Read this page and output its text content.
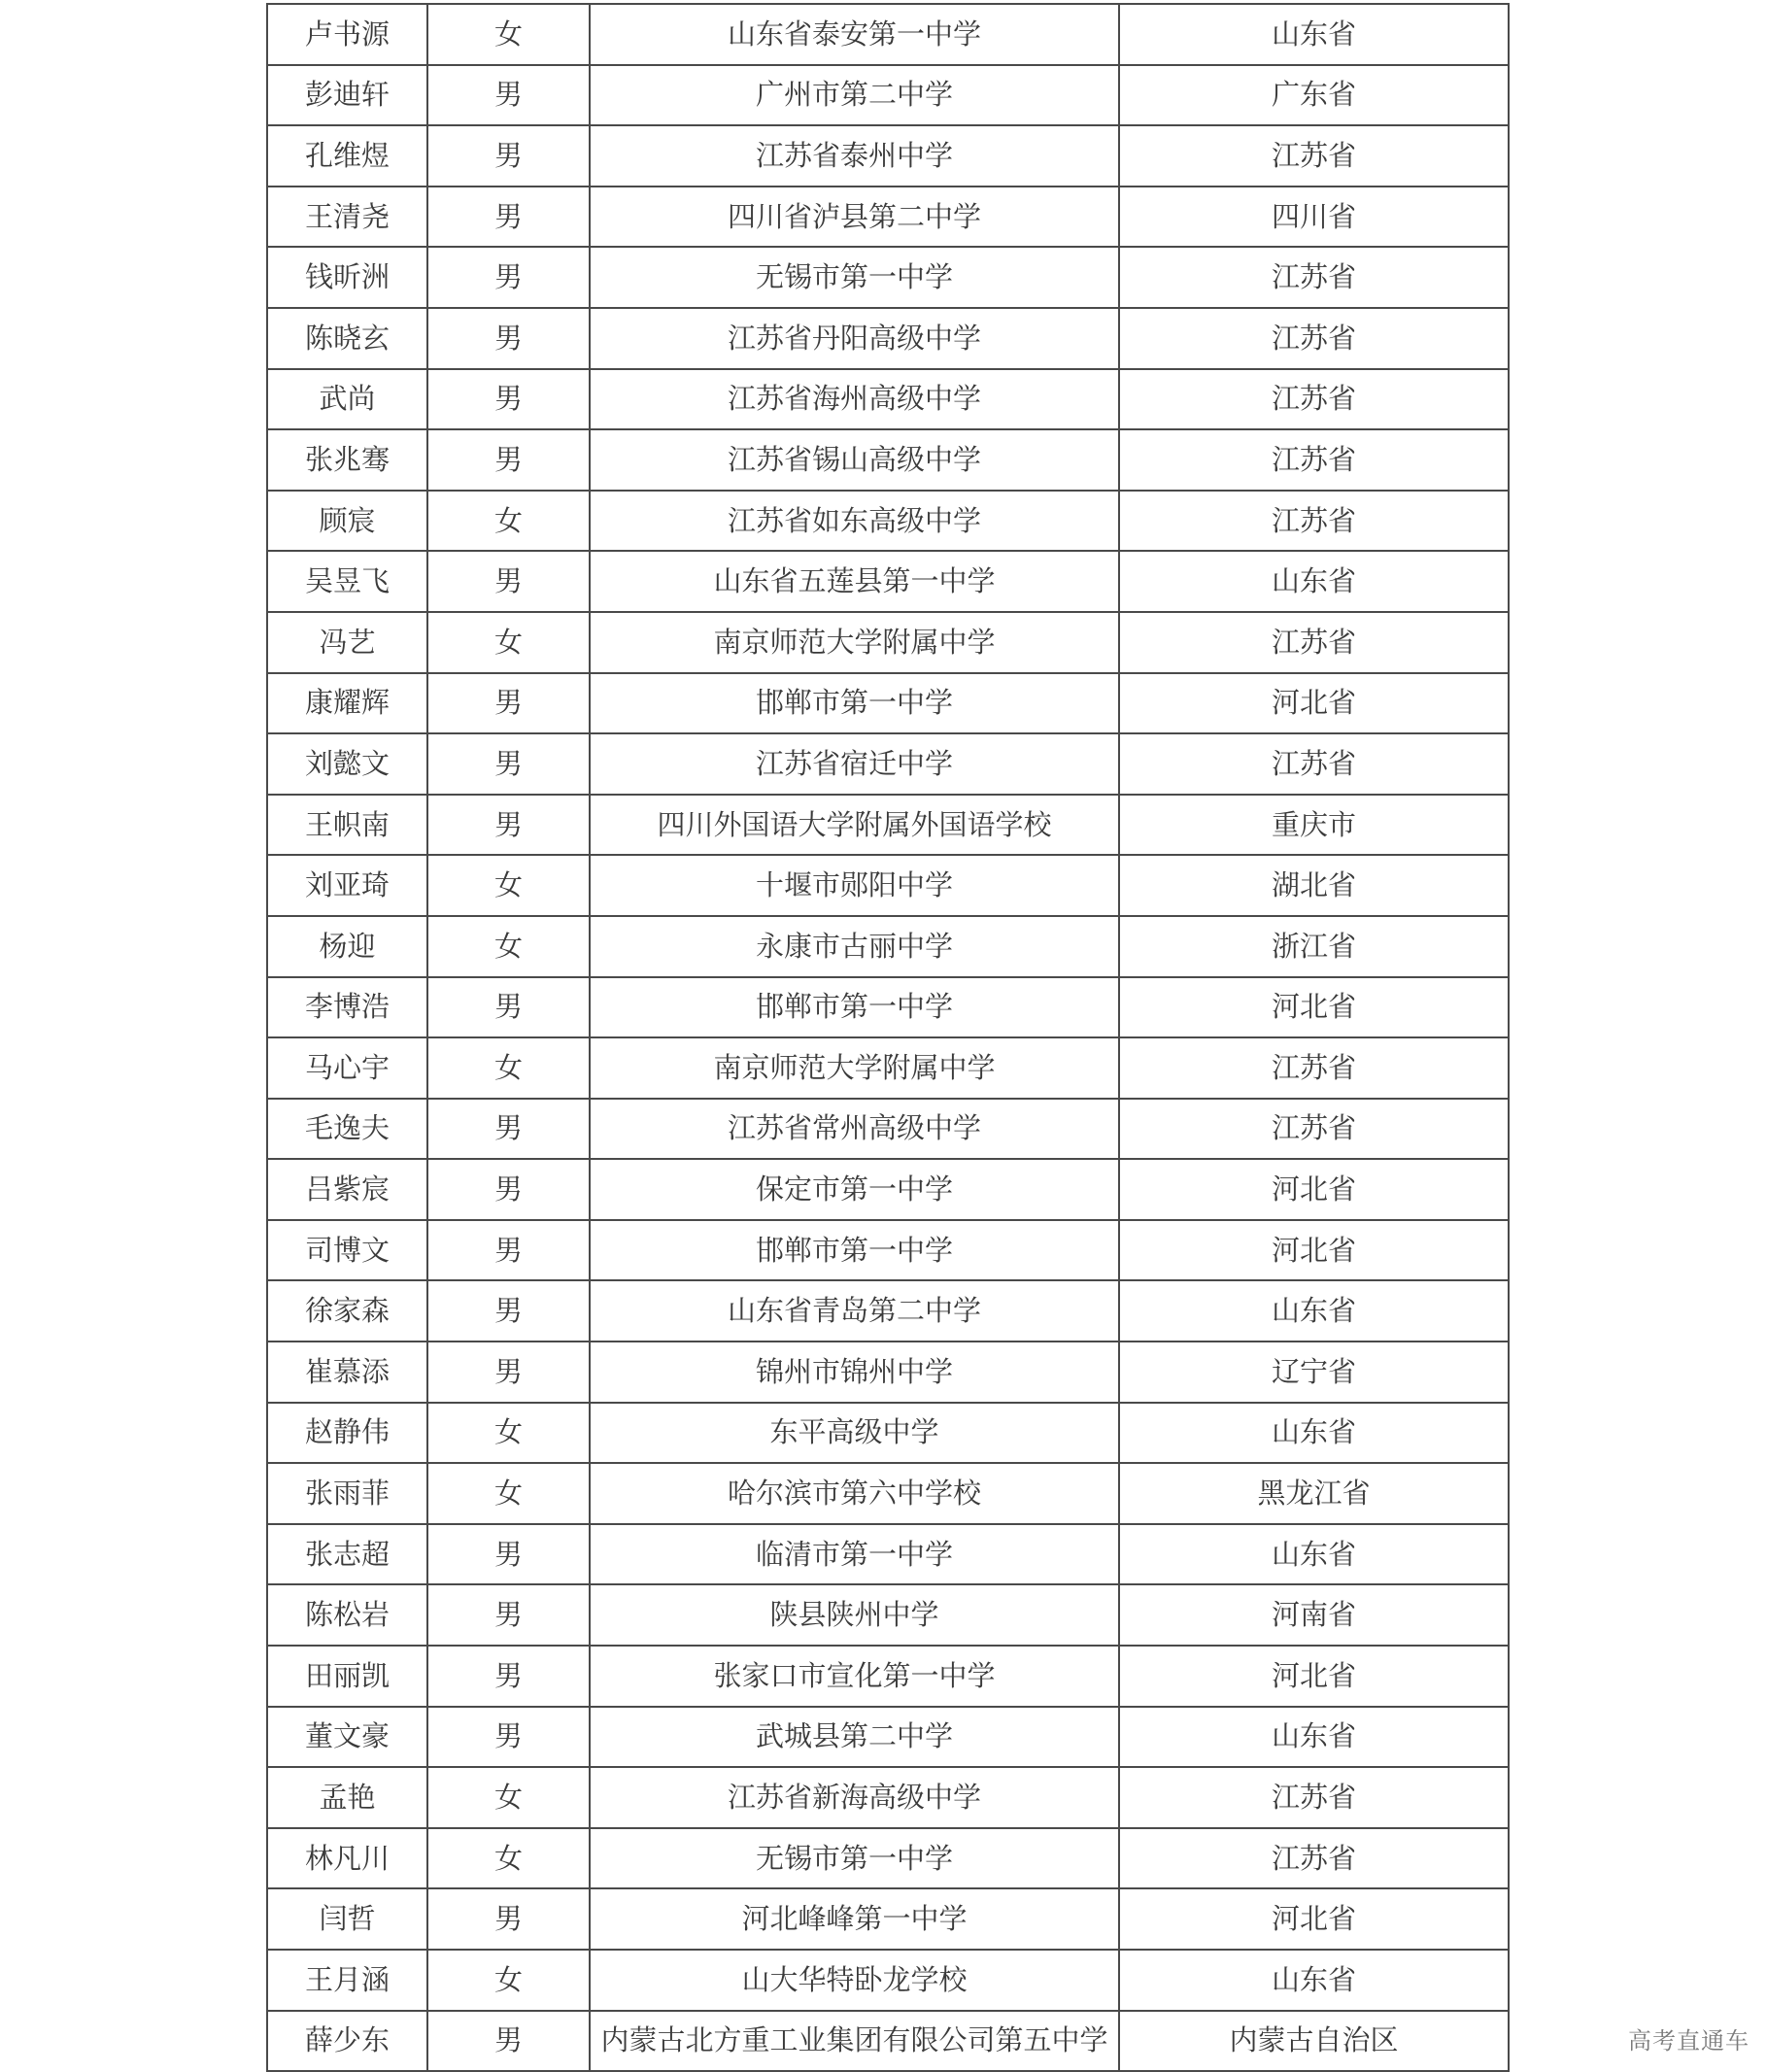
卢书源	女	山东省泰安第一中学	山东省
彭迪轩	男	广州市第二中学	广东省
孔维煜	男	江苏省泰州中学	江苏省
王清尧	男	四川省泸县第二中学	四川省
钱昕洲	男	无锡市第一中学	江苏省
陈晓玄	男	江苏省丹阳高级中学	江苏省
武尚	男	江苏省海州高级中学	江苏省
张兆骞	男	江苏省锡山高级中学	江苏省
顾宸	女	江苏省如东高级中学	江苏省
吴昱飞	男	山东省五莲县第一中学	山东省
冯艺	女	南京师范大学附属中学	江苏省
康耀辉	男	邯郸市第一中学	河北省
刘懿文	男	江苏省宿迁中学	江苏省
王帜南	男	四川外国语大学附属外国语学校	重庆市
刘亚琦	女	十堰市郧阳中学	湖北省
杨迎	女	永康市古丽中学	浙江省
李博浩	男	邯郸市第一中学	河北省
马心宇	女	南京师范大学附属中学	江苏省
毛逸夫	男	江苏省常州高级中学	江苏省
吕紫宸	男	保定市第一中学	河北省
司博文	男	邯郸市第一中学	河北省
徐家森	男	山东省青岛第二中学	山东省
崔慕添	男	锦州市锦州中学	辽宁省
赵静伟	女	东平高级中学	山东省
张雨菲	女	哈尔滨市第六中学校	黑龙江省
张志超	男	临清市第一中学	山东省
陈松岩	男	陕县陕州中学	河南省
田丽凯	男	张家口市宣化第一中学	河北省
董文豪	男	武城县第二中学	山东省
孟艳	女	江苏省新海高级中学	江苏省
林凡川	女	无锡市第一中学	江苏省
闫哲	男	河北峰峰第一中学	河北省
王月涵	女	山大华特卧龙学校	山东省
薛少东	男	内蒙古北方重工业集团有限公司第五中学	内蒙古自治区	高考直通车
